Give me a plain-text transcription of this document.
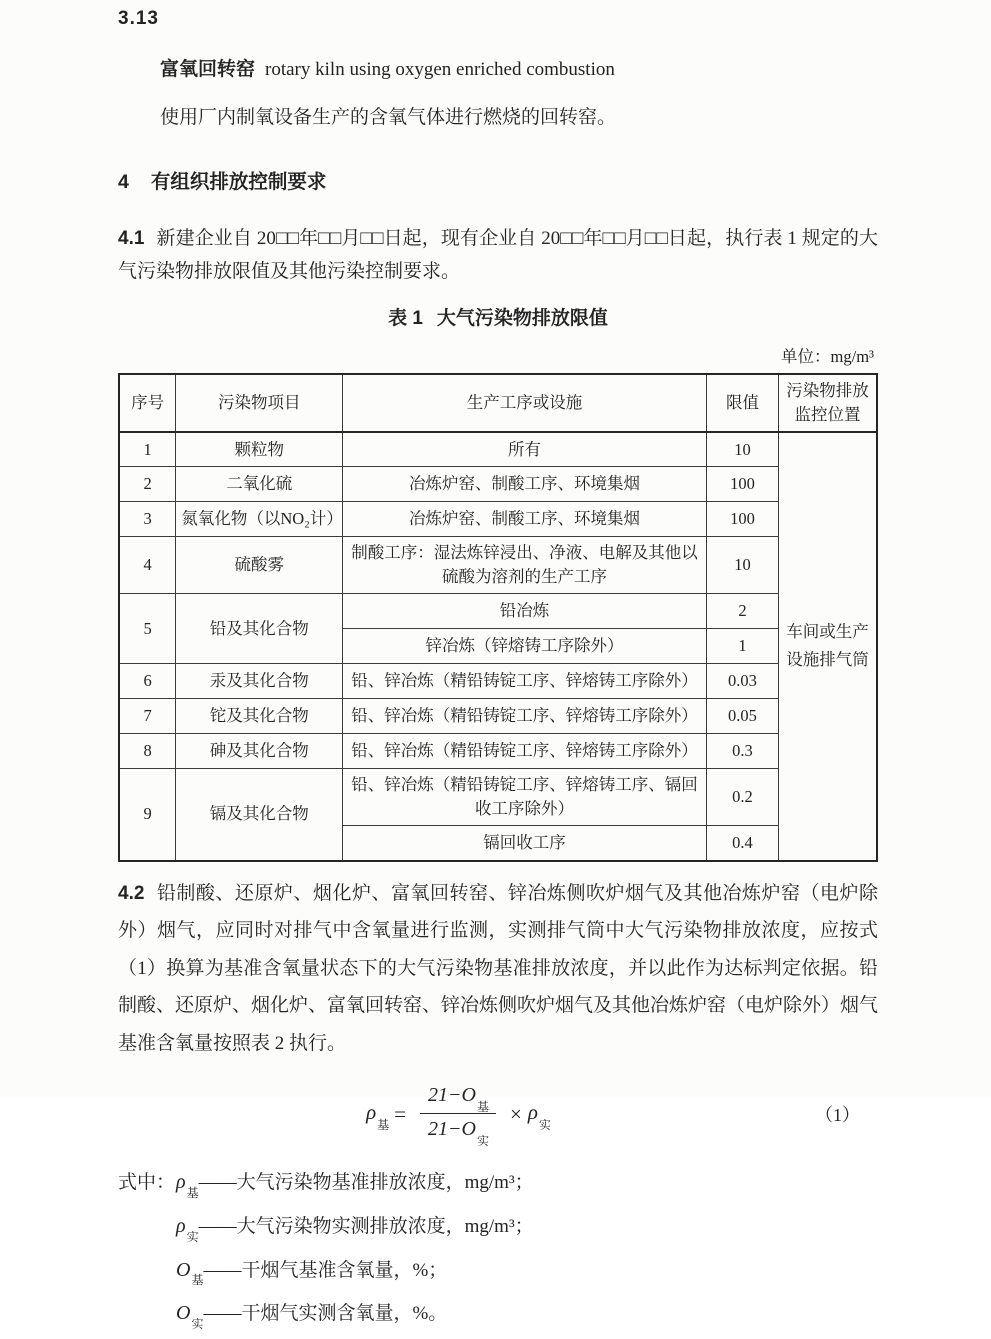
3.13
富氧回转窑 rotary kiln using oxygen enriched combustion
使用厂内制氧设备生产的含氧气体进行燃烧的回转窑。
4 有组织排放控制要求
4.1 新建企业自 20□□年□□月□□日起，现有企业自 20□□年□□月□□日起，执行表 1 规定的大气污染物排放限值及其他污染控制要求。
表 1 大气污染物排放限值
单位：mg/m³
序号	污染物项目	生产工序或设施	限值	污染物排放监控位置
1	颗粒物	所有	10	车间或生产设施排气筒
2	二氧化硫	冶炼炉窑、制酸工序、环境集烟	100	
3	氮氧化物（以NO₂计）	冶炼炉窑、制酸工序、环境集烟	100	
4	硫酸雾	制酸工序：湿法炼锌浸出、净液、电解及其他以硫酸为溶剂的生产工序	10	
5	铅及其化合物	铅冶炼	2	
		锌冶炼（锌熔铸工序除外）	1	
6	汞及其化合物	铅、锌冶炼（精铅铸锭工序、锌熔铸工序除外）	0.03	
7	铊及其化合物	铅、锌冶炼（精铅铸锭工序、锌熔铸工序除外）	0.05	
8	砷及其化合物	铅、锌冶炼（精铅铸锭工序、锌熔铸工序除外）	0.3	
9	镉及其化合物	铅、锌冶炼（精铅铸锭工序、锌熔铸工序、镉回收工序除外）	0.2	
		镉回收工序	0.4	
4.2 铅制酸、还原炉、烟化炉、富氧回转窑、锌冶炼侧吹炉烟气及其他冶炼炉窑（电炉除外）烟气，应同时对排气中含氧量进行监测，实测排气筒中大气污染物排放浓度，应按式（1）换算为基准含氧量状态下的大气污染物基准排放浓度，并以此作为达标判定依据。铅制酸、还原炉、烟化炉、富氧回转窑、锌冶炼侧吹炉烟气及其他冶炼炉窑（电炉除外）烟气基准含氧量按照表 2 执行。
$\rho_基 = \frac{21-O_基}{21-O_实} \times \rho_实$
（1）
式中： $\rho_基——$大气污染物基准排放浓度，mg/m³；
$\rho_实——$大气污染物实测排放浓度，mg/m³；
$O_基——$干烟气基准含氧量，%；
$O_实——$干烟气实测含氧量，%。
